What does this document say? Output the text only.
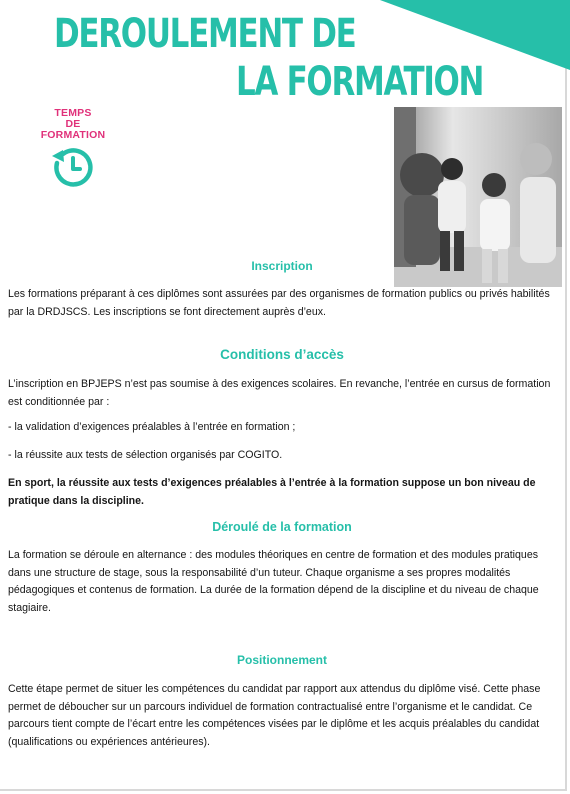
DEROULEMENT DE
LA FORMATION
TEMPS
DE
FORMATION
Inscription

Les formations préparant à ces diplômes sont assurées par des organismes de formation publics ou privés habilités par la DRDJSCS. Les inscriptions se font directement auprès d’eux.

Conditions d’accès

L’inscription en BPJEPS n’est pas soumise à des exigences scolaires. En revanche, l’entrée en cursus de formation est conditionnée par :

- la validation d’exigences préalables à l’entrée en formation ;

- la réussite aux tests de sélection organisés par COGITO.

En sport, la réussite aux tests d’exigences préalables à l’entrée à la formation suppose un bon niveau de pratique dans la discipline.

Déroulé de la formation

La formation se déroule en alternance : des modules théoriques en centre de formation et des modules pratiques dans une structure de stage, sous la responsabilité d’un tuteur. Chaque organisme a ses propres modalités pédagogiques et contenus de formation. La durée de la formation dépend de la discipline et du niveau de chaque stagiaire.

Positionnement

Cette étape permet de situer les compétences du candidat par rapport aux attendus du diplôme visé. Cette phase permet de déboucher sur un parcours individuel de formation contractualisé entre l’organisme et le candidat. Ce parcours tient compte de l’écart entre les compétences visées par le diplôme et les acquis préalables du candidat (qualifications ou expériences antérieures).
